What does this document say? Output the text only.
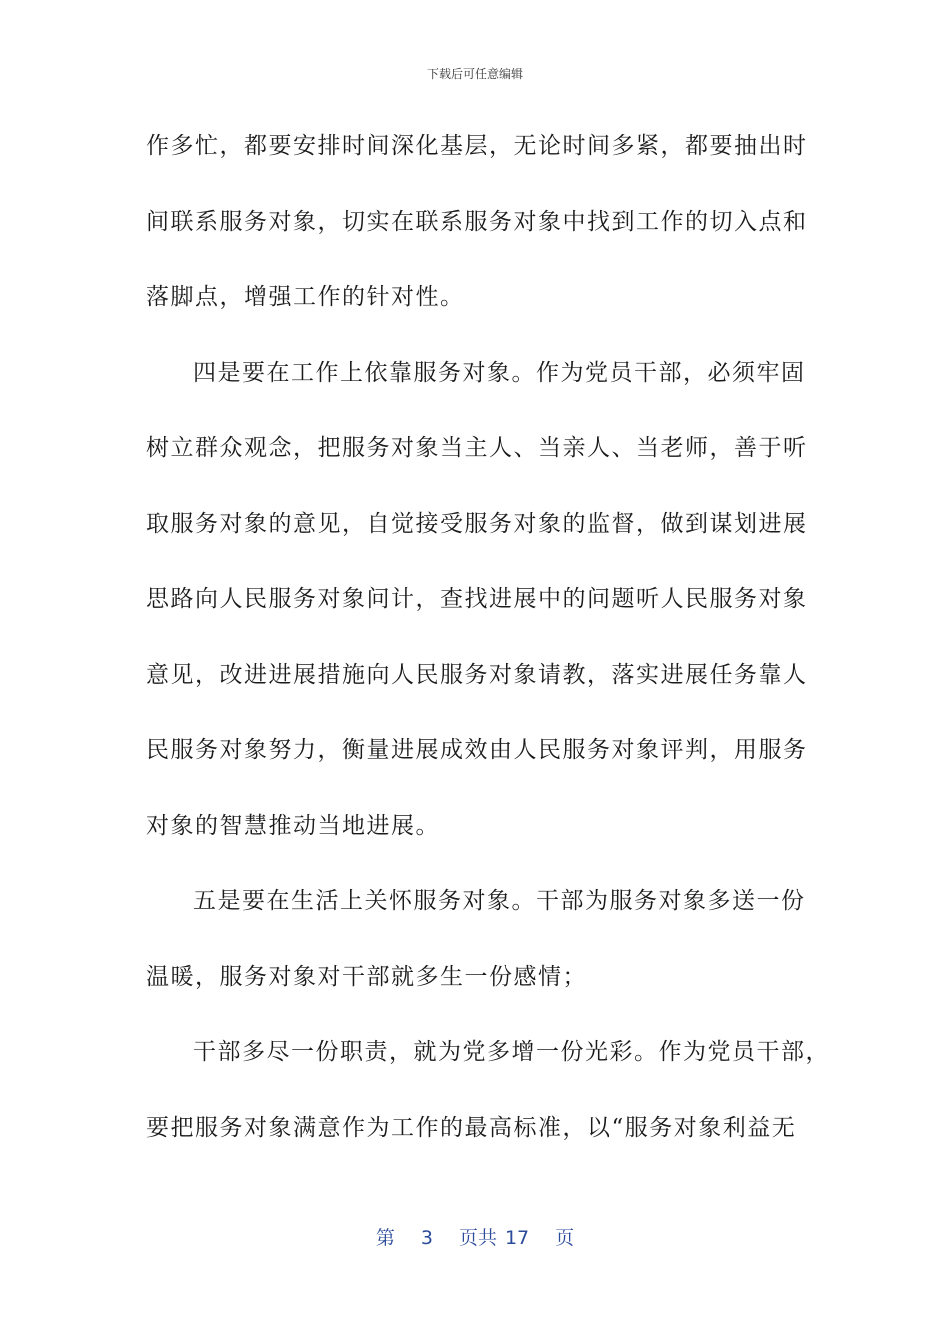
下载后可任意编辑
作多忙，都要安排时间深化基层，无论时间多紧，都要抽出时
间联系服务对象，切实在联系服务对象中找到工作的切入点和
落脚点，增强工作的针对性。
四是要在工作上依靠服务对象。作为党员干部，必须牢固
树立群众观念，把服务对象当主人、当亲人、当老师，善于听
取服务对象的意见，自觉接受服务对象的监督，做到谋划进展
思路向人民服务对象问计，查找进展中的问题听人民服务对象
意见，改进进展措施向人民服务对象请教，落实进展任务靠人
民服务对象努力，衡量进展成效由人民服务对象评判，用服务
对象的智慧推动当地进展。
五是要在生活上关怀服务对象。干部为服务对象多送一份
温暖，服务对象对干部就多生一份感情；
干部多尽一份职责，就为党多增一份光彩。作为党员干部，
要把服务对象满意作为工作的最高标准，以“服务对象利益无
第 3 页共 17 页
